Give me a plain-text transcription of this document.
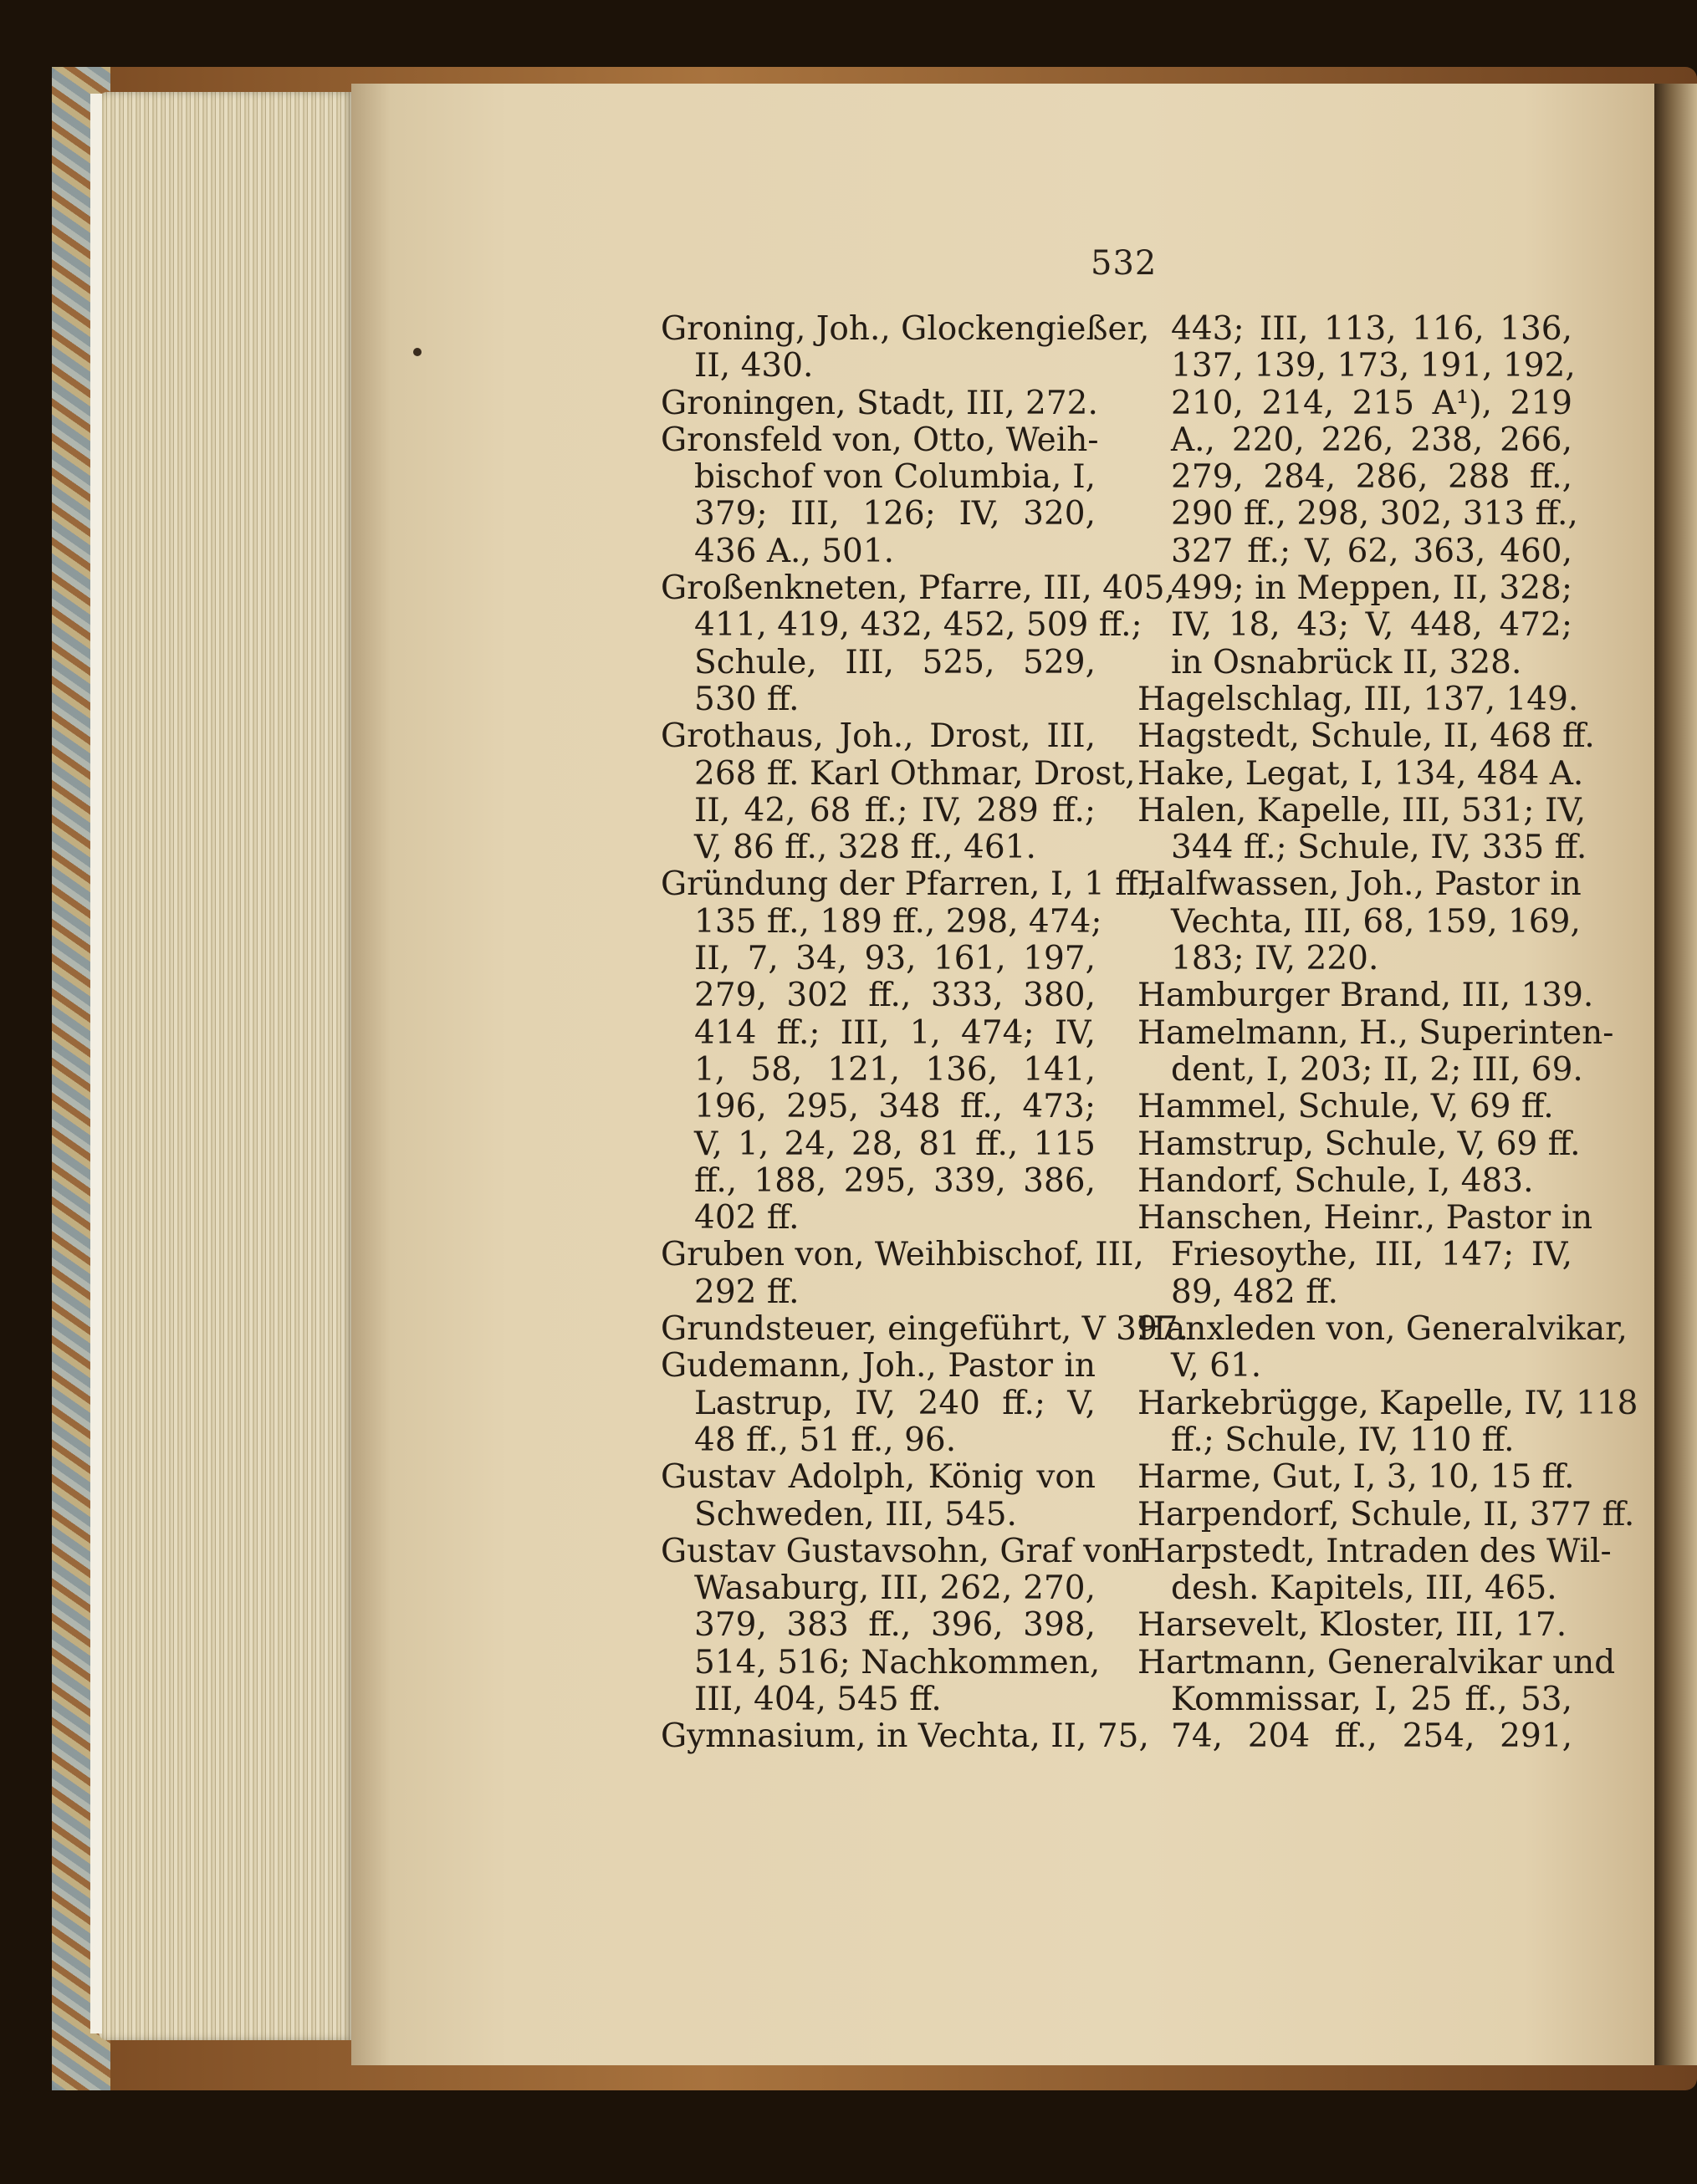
532
Groning, Joh., Glockengießer,
II, 430.
Groningen, Stadt, III, 272.
Gronsfeld von, Otto, Weih-
bischof von Columbia, I,
379; III, 126; IV, 320,
436 A., 501.
Großenkneten, Pfarre, III, 405,
411, 419, 432, 452, 509 ff.;
Schule, III, 525, 529,
530 ff.
Grothaus, Joh., Drost, III,
268 ff. Karl Othmar, Drost,
II, 42, 68 ff.; IV, 289 ff.;
V, 86 ff., 328 ff., 461.
Gründung der Pfarren, I, 1 ff.,
135 ff., 189 ff., 298, 474;
II, 7, 34, 93, 161, 197,
279, 302 ff., 333, 380,
414 ff.; III, 1, 474; IV,
1, 58, 121, 136, 141,
196, 295, 348 ff., 473;
V, 1, 24, 28, 81 ff., 115
ff., 188, 295, 339, 386,
402 ff.
Gruben von, Weihbischof, III,
292 ff.
Grundsteuer, eingeführt, V 397.
Gudemann, Joh., Pastor in
Lastrup, IV, 240 ff.; V,
48 ff., 51 ff., 96.
Gustav Adolph, König von
Schweden, III, 545.
Gustav Gustavsohn, Graf von
Wasaburg, III, 262, 270,
379, 383 ff., 396, 398,
514, 516; Nachkommen,
III, 404, 545 ff.
Gymnasium, in Vechta, II, 75,
443; III, 113, 116, 136,
137, 139, 173, 191, 192,
210, 214, 215 A¹), 219
A., 220, 226, 238, 266,
279, 284, 286, 288 ff.,
290 ff., 298, 302, 313 ff.,
327 ff.; V, 62, 363, 460,
499; in Meppen, II, 328;
IV, 18, 43; V, 448, 472;
in Osnabrück II, 328.
Hagelschlag, III, 137, 149.
Hagstedt, Schule, II, 468 ff.
Hake, Legat, I, 134, 484 A.
Halen, Kapelle, III, 531; IV,
344 ff.; Schule, IV, 335 ff.
Halfwassen, Joh., Pastor in
Vechta, III, 68, 159, 169,
183; IV, 220.
Hamburger Brand, III, 139.
Hamelmann, H., Superinten-
dent, I, 203; II, 2; III, 69.
Hammel, Schule, V, 69 ff.
Hamstrup, Schule, V, 69 ff.
Handorf, Schule, I, 483.
Hanschen, Heinr., Pastor in
Friesoythe, III, 147; IV,
89, 482 ff.
Hanxleden von, Generalvikar,
V, 61.
Harkebrügge, Kapelle, IV, 118
ff.; Schule, IV, 110 ff.
Harme, Gut, I, 3, 10, 15 ff.
Harpendorf, Schule, II, 377 ff.
Harpstedt, Intraden des Wil-
desh. Kapitels, III, 465.
Harsevelt, Kloster, III, 17.
Hartmann, Generalvikar und
Kommissar, I, 25 ff., 53,
74, 204 ff., 254, 291,
